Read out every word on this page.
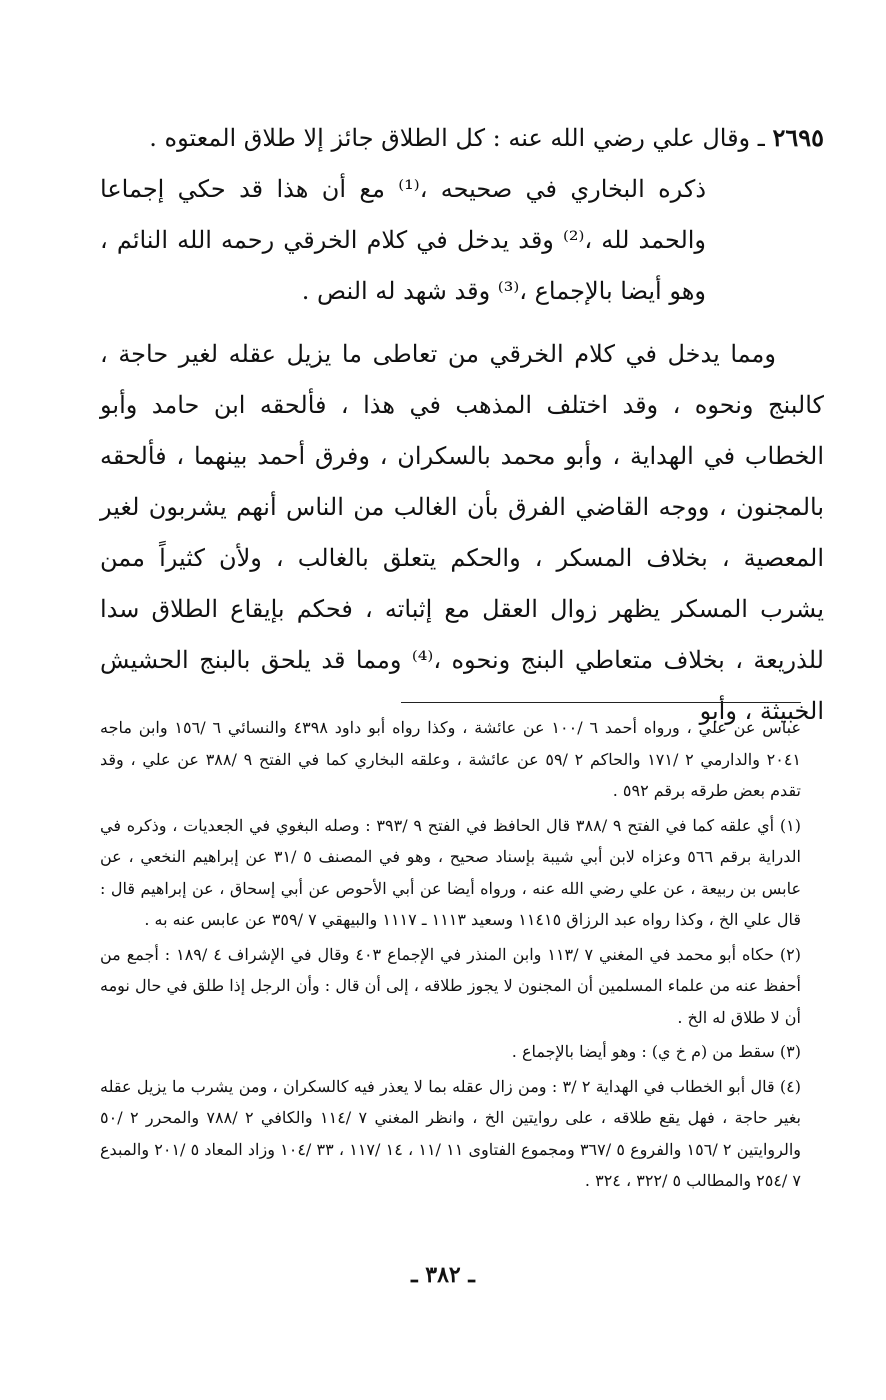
٢٦٩٥ ـ وقال علي رضي الله عنه : كل الطلاق جائز إلا طلاق المعتوه .
ذكره البخاري في صحيحه ،⁽¹⁾ مع أن هذا قد حكي إجماعا والحمد لله ،⁽²⁾ وقد يدخل في كلام الخرقي رحمه الله النائم ، وهو أيضا بالإجماع ،⁽³⁾ وقد شهد له النص .

ومما يدخل في كلام الخرقي من تعاطى ما يزيل عقله لغير حاجة ، كالبنج ونحوه ، وقد اختلف المذهب في هذا ، فألحقه ابن حامد وأبو الخطاب في الهداية ، وأبو محمد بالسكران ، وفرق أحمد بينهما ، فألحقه بالمجنون ، ووجه القاضي الفرق بأن الغالب من الناس أنهم يشربون لغير المعصية ، بخلاف المسكر ، والحكم يتعلق بالغالب ، ولأن كثيراً ممن يشرب المسكر يظهر زوال العقل مع إثباته ، فحكم بإيقاع الطلاق سدا للذريعة ، بخلاف متعاطي البنج ونحوه ،⁽⁴⁾ ومما قد يلحق بالبنج الحشيش الخبيثة ، وأبو

عباس عن علي ، ورواه أحمد ٦ /١٠٠ عن عائشة ، وكذا رواه أبو داود ٤٣٩٨ والنسائي ٦ /١٥٦ وابن ماجه ٢٠٤١ والدارمي ٢ /١٧١ والحاكم ٢ /٥٩ عن عائشة ، وعلقه البخاري كما في الفتح ٩ /٣٨٨ عن علي ، وقد تقدم بعض طرقه برقم ٥٩٢ .

(١) أي علقه كما في الفتح ٩ /٣٨٨ قال الحافظ في الفتح ٩ /٣٩٣ : وصله البغوي في الجعديات ، وذكره في الدراية برقم ٥٦٦ وعزاه لابن أبي شيبة بإسناد صحيح ، وهو في المصنف ٥ /٣١ عن إبراهيم النخعي ، عن عابس بن ربيعة ، عن علي رضي الله عنه ، ورواه أيضا عن أبي الأحوص عن أبي إسحاق ، عن إبراهيم قال : قال علي الخ ، وكذا رواه عبد الرزاق ١١٤١٥ وسعيد ١١١٣ ـ ١١١٧ والبيهقي ٧ /٣٥٩ عن عابس عنه به .

(٢) حكاه أبو محمد في المغني ٧ /١١٣ وابن المنذر في الإجماع ٤٠٣ وقال في الإشراف ٤ /١٨٩ : أجمع من أحفظ عنه من علماء المسلمين أن المجنون لا يجوز طلاقه ، إلى أن قال : وأن الرجل إذا طلق في حال نومه أن لا طلاق له الخ .

(٣) سقط من (م خ ي) : وهو أيضا بالإجماع .

(٤) قال أبو الخطاب في الهداية ٢ /٣ : ومن زال عقله بما لا يعذر فيه كالسكران ، ومن يشرب ما يزيل عقله بغير حاجة ، فهل يقع طلاقه ، على روايتين الخ ، وانظر المغني ٧ /١١٤ والكافي ٢ /٧٨٨ والمحرر ٢ /٥٠ والروايتين ٢ /١٥٦ والفروع ٥ /٣٦٧ ومجموع الفتاوى ١١ /١١ ، ١٤ /١١٧ ، ٣٣ /١٠٤ وزاد المعاد ٥ /٢٠١ والمبدع ٧ /٢٥٤ والمطالب ٥ /٣٢٢ ، ٣٢٤ .

ـ ٣٨٢ ـ
